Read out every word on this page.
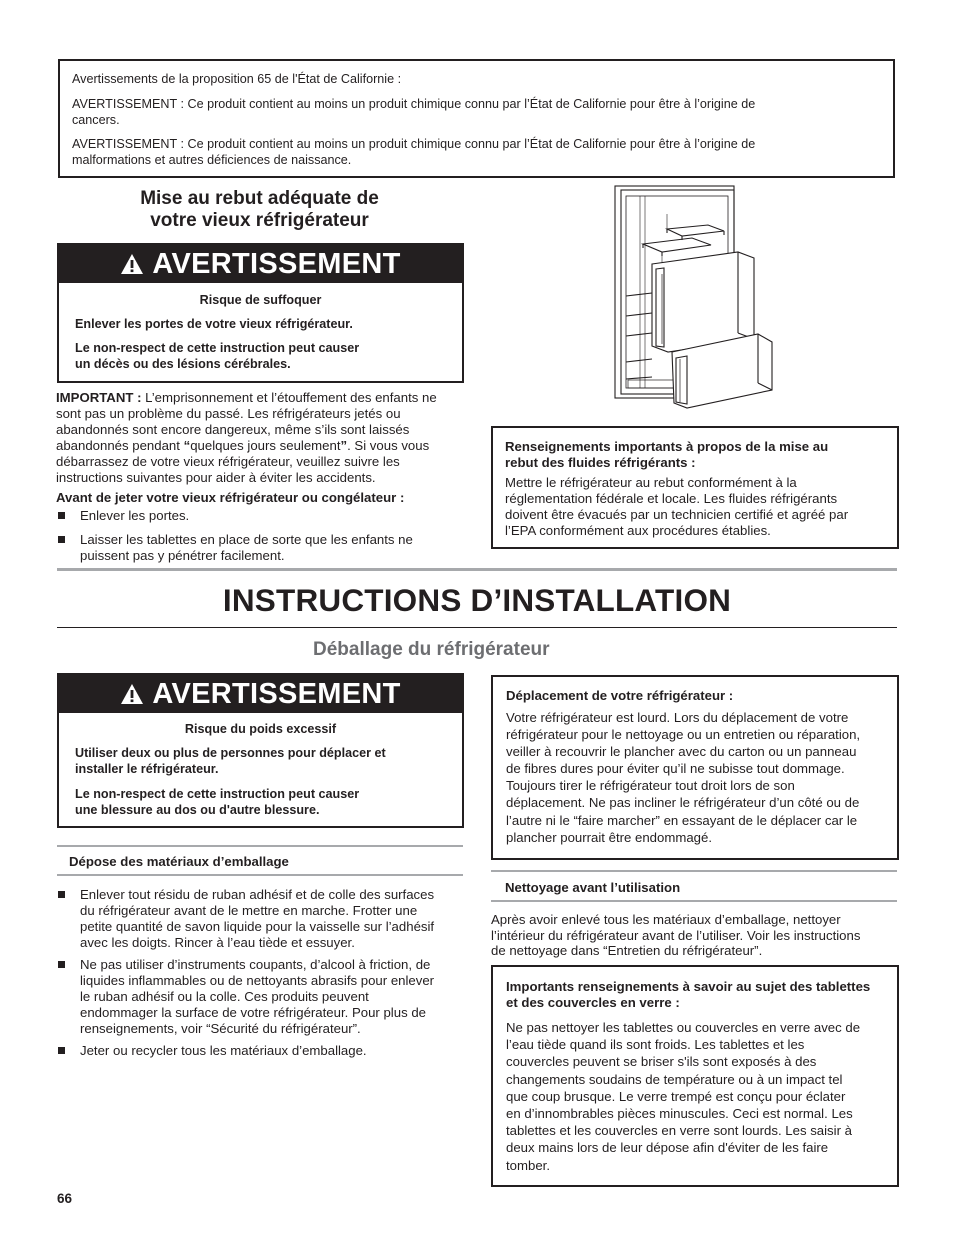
Avertissements de la proposition 65 de l'État de Californie :

AVERTISSEMENT : Ce produit contient au moins un produit chimique connu par l’État de Californie pour être à l’origine de

cancers.

AVERTISSEMENT : Ce produit contient au moins un produit chimique connu par l’État de Californie pour être à l’origine de

malformations et autres déficiences de naissance.

Mise au rebut adéquate de
votre vieux réfrigérateur
AVERTISSEMENT

Risque de suffoquer

Enlever les portes de votre vieux réfrigérateur.

Le non-respect de cette instruction peut causer

un décès ou des lésions cérébrales.

IMPORTANT : L’emprisonnement et l’étouffement des enfants ne

sont pas un problème du passé. Les réfrigérateurs jetés ou

abandonnés sont encore dangereux, même s’ils sont laissés

abandonnés pendant “quelques jours seulement”. Si vous vous

débarrassez de votre vieux réfrigérateur, veuillez suivre les

instructions suivantes pour aider à éviter les accidents.

Avant de jeter votre vieux réfrigérateur ou congélateur :

Enlever les portes.

Laisser les tablettes en place de sorte que les enfants ne

puissent pas y pénétrer facilement.

Renseignements importants à propos de la mise au

rebut des fluides réfrigérants :

Mettre le réfrigérateur au rebut conformément à la

réglementation fédérale et locale. Les fluides réfrigérants

doivent être évacués par un technicien certifié et agréé par

l’EPA conformément aux procédures établies.

INSTRUCTIONS D’INSTALLATION
Déballage du réfrigérateur
AVERTISSEMENT

Risque du poids excessif

Utiliser deux ou plus de personnes pour déplacer et

installer le réfrigérateur.

Le non-respect de cette instruction peut causer

une blessure au dos ou d'autre blessure.

Dépose des matériaux d’emballage

Enlever tout résidu de ruban adhésif et de colle des surfaces

du réfrigérateur avant de le mettre en marche. Frotter une

petite quantité de savon liquide pour la vaisselle sur l’adhésif

avec les doigts. Rincer à l’eau tiède et essuyer.

Ne pas utiliser d’instruments coupants, d’alcool à friction, de

liquides inflammables ou de nettoyants abrasifs pour enlever

le ruban adhésif ou la colle. Ces produits peuvent

endommager la surface de votre réfrigérateur. Pour plus de

renseignements, voir “Sécurité du réfrigérateur”.

Jeter ou recycler tous les matériaux d’emballage.

Déplacement de votre réfrigérateur :

Votre réfrigérateur est lourd. Lors du déplacement de votre

réfrigérateur pour le nettoyage ou un entretien ou réparation,

veiller à recouvrir le plancher avec du carton ou un panneau

de fibres dures pour éviter qu’il ne subisse tout dommage.

Toujours tirer le réfrigérateur tout droit lors de son

déplacement. Ne pas incliner le réfrigérateur d’un côté ou de

l’autre ni le “faire marcher” en essayant de le déplacer car le

plancher pourrait être endommagé.

Nettoyage avant l’utilisation

Après avoir enlevé tous les matériaux d’emballage, nettoyer

l’intérieur du réfrigérateur avant de l’utiliser. Voir les instructions

de nettoyage dans “Entretien du réfrigérateur”.

Importants renseignements à savoir au sujet des tablettes

et des couvercles en verre :

Ne pas nettoyer les tablettes ou couvercles en verre avec de

l’eau tiède quand ils sont froids. Les tablettes et les

couvercles peuvent se briser s'ils sont exposés à des

changements soudains de température ou à un impact tel

que coup brusque. Le verre trempé est conçu pour éclater

en d’innombrables pièces minuscules. Ceci est normal. Les

tablettes et les couvercles en verre sont lourds. Les saisir à

deux mains lors de leur dépose afin d'éviter de les faire

tomber.

66
